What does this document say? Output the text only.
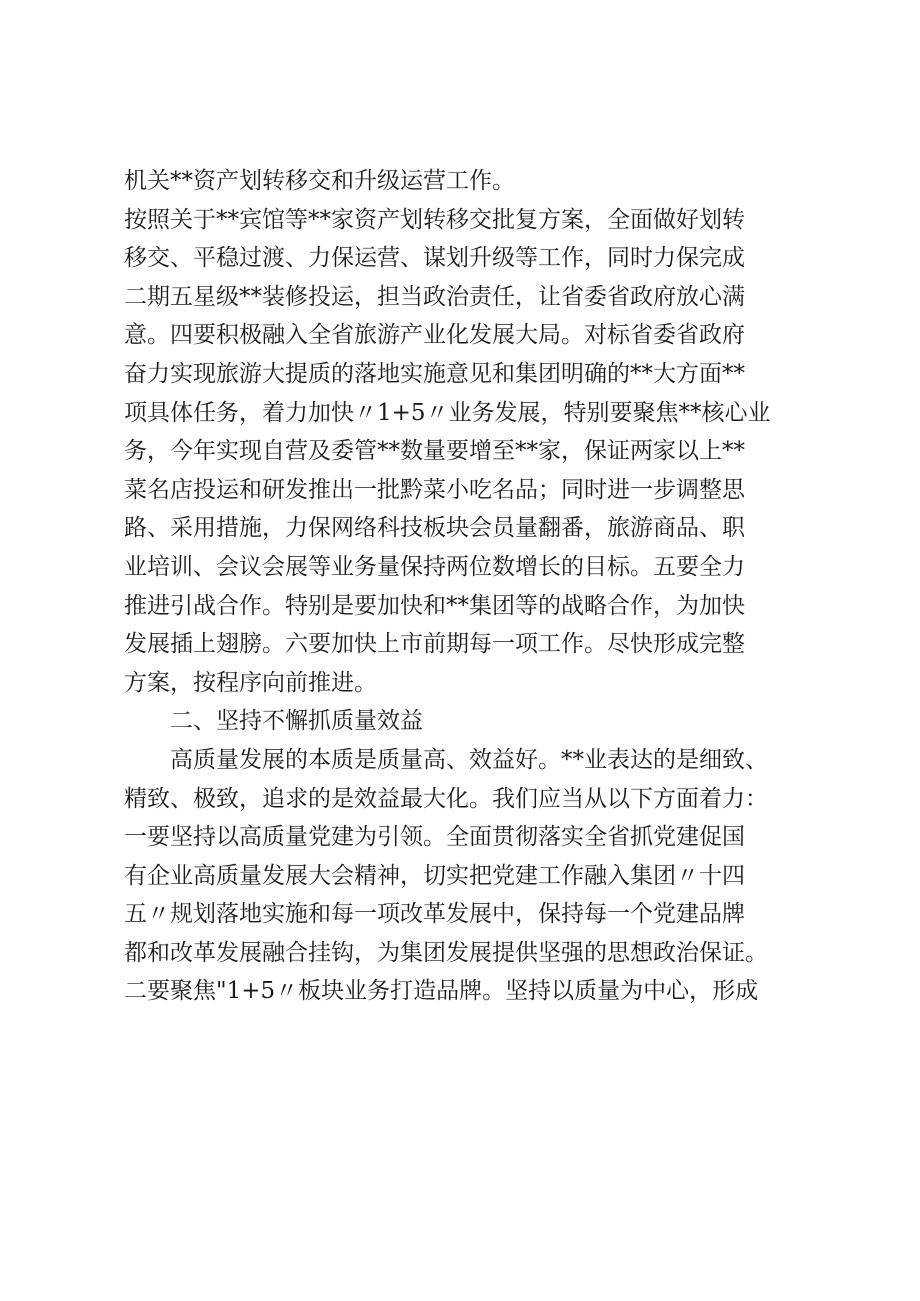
机关**资产划转移交和升级运营工作。
按照关于**宾馆等**家资产划转移交批复方案，全面做好划转
移交、平稳过渡、力保运营、谋划升级等工作，同时力保完成
二期五星级**装修投运，担当政治责任，让省委省政府放心满
意。四要积极融入全省旅游产业化发展大局。对标省委省政府
奋力实现旅游大提质的落地实施意见和集团明确的**大方面**
项具体任务，着力加快〃1+5〃业务发展，特别要聚焦**核心业
务，今年实现自营及委管**数量要增至**家，保证两家以上**
菜名店投运和研发推出一批黔菜小吃名品；同时进一步调整思
路、采用措施，力保网络科技板块会员量翻番，旅游商品、职
业培训、会议会展等业务量保持两位数增长的目标。五要全力
推进引战合作。特别是要加快和**集团等的战略合作，为加快
发展插上翅膀。六要加快上市前期每一项工作。尽快形成完整
方案，按程序向前推进。
二、坚持不懈抓质量效益
高质量发展的本质是质量高、效益好。**业表达的是细致、
精致、极致，追求的是效益最大化。我们应当从以下方面着力：
一要坚持以高质量党建为引领。全面贯彻落实全省抓党建促国
有企业高质量发展大会精神，切实把党建工作融入集团〃十四
五〃规划落地实施和每一项改革发展中，保持每一个党建品牌
都和改革发展融合挂钩，为集团发展提供坚强的思想政治保证。
二要聚焦"1+5〃板块业务打造品牌。坚持以质量为中心，形成
